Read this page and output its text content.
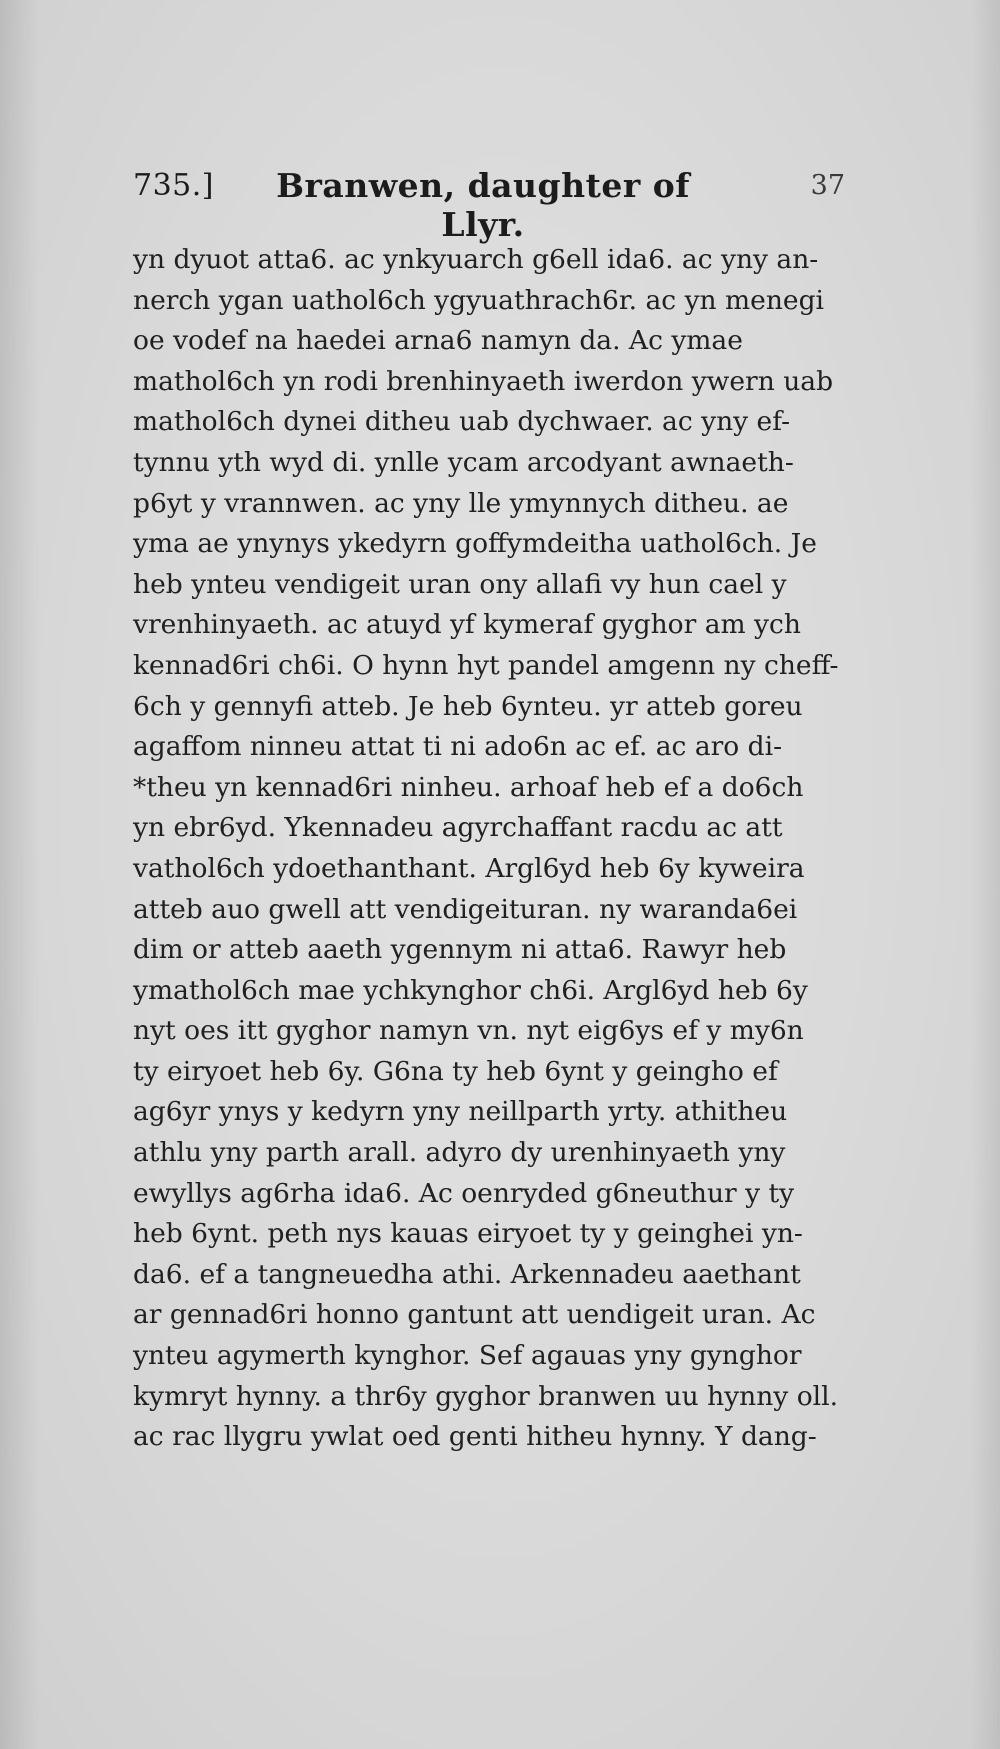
735.]	Branwen, daughter of Llyr.
37
yn dyuot atta6. ac ynkyuarch g6ell ida6. ac yny an-
nerch ygan uathol6ch ygyuathrach6r. ac yn menegi
oe vodef na haedei arna6 namyn da. Ac ymae
mathol6ch yn rodi brenhinyaeth iwerdon ywern uab
mathol6ch dynei ditheu uab dychwaer. ac yny ef-
tynnu yth wyd di. ynlle ycam arcodyant awnaeth-
p6yt y vrannwen. ac yny lle ymynnych ditheu. ae
yma ae ynynys ykedyrn goffymdeitha uathol6ch. Je
heb ynteu vendigeit uran ony allafi vy hun cael y
vrenhinyaeth. ac atuyd yf kymeraf gyghor am ych
kennad6ri ch6i. O hynn hyt pandel amgenn ny cheff-
6ch y gennyfi atteb. Je heb 6ynteu. yr atteb goreu
agaffom ninneu attat ti ni ado6n ac ef. ac aro di-
*theu yn kennad6ri ninheu. arhoaf heb ef a do6ch
yn ebr6yd. Ykennadeu agyrchaffant racdu ac att
vathol6ch ydoethanthant. Argl6yd heb 6y kyweira
atteb auo gwell att vendigeituran. ny waranda6ei
dim or atteb aaeth ygennym ni atta6. Rawyr heb
ymathol6ch mae ychkynghor ch6i. Argl6yd heb 6y
nyt oes itt gyghor namyn vn. nyt eig6ys ef y my6n
ty eiryoet heb 6y. G6na ty heb 6ynt y geingho ef
ag6yr ynys y kedyrn yny neillparth yrty. athitheu
athlu yny parth arall. adyro dy urenhinyaeth yny
ewyllys ag6rha ida6. Ac oenryded g6neuthur y ty
heb 6ynt. peth nys kauas eiryoet ty y geinghei yn-
da6. ef a tangneuedha athi. Arkennadeu aaethant
ar gennad6ri honno gantunt att uendigeit uran. Ac
ynteu agymerth kynghor. Sef agauas yny gynghor
kymryt hynny. a thr6y gyghor branwen uu hynny oll.
ac rac llygru ywlat oed genti hitheu hynny. Y dang-
